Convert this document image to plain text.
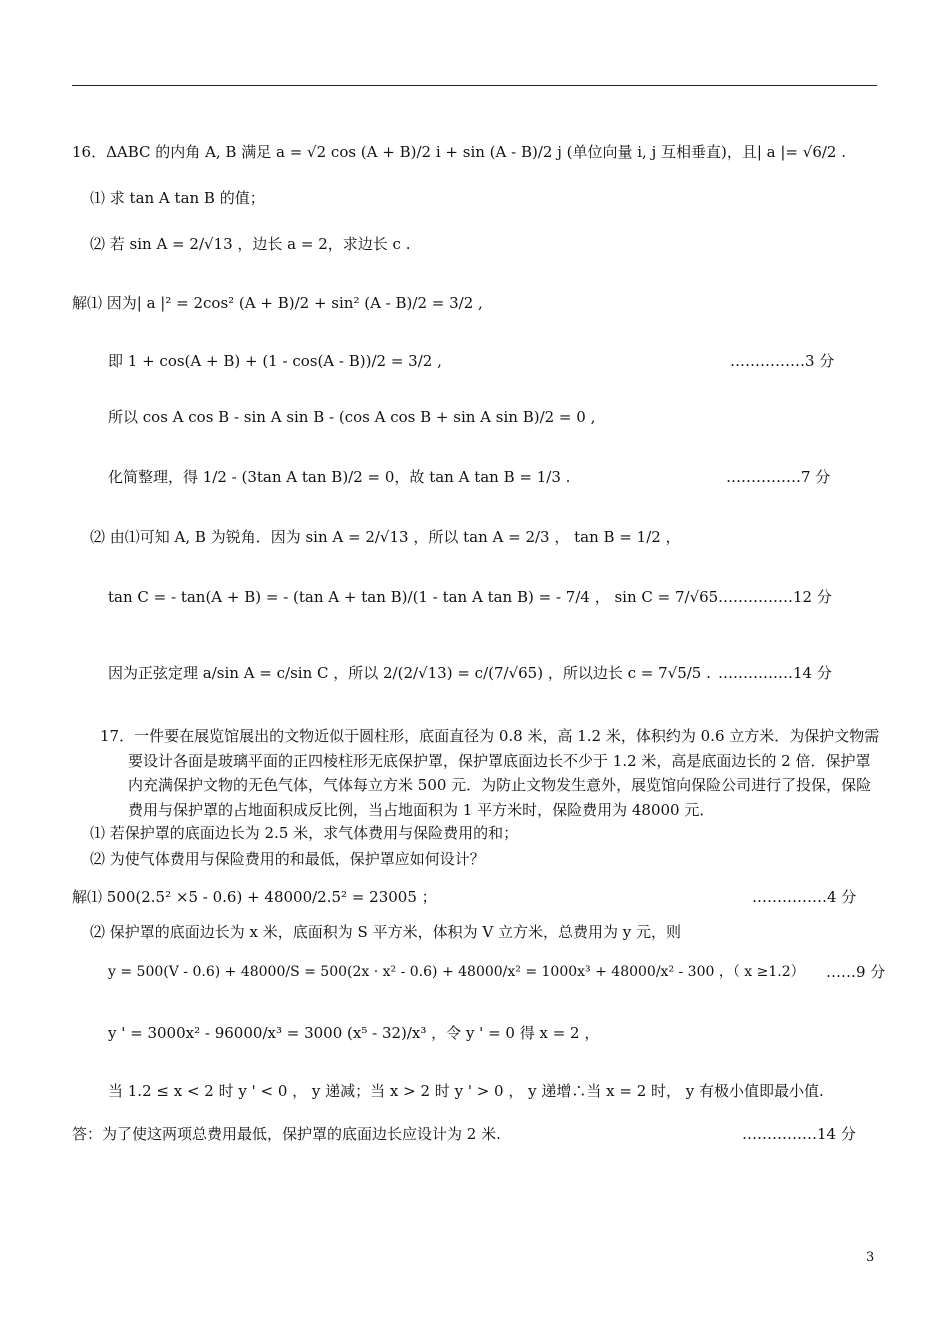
16．ΔABC 的内角 A, B 满足 a = √2 cos (A + B)/2 i + sin (A - B)/2 j (单位向量 i, j 互相垂直)，且| a |= √6/2 .
⑴ 求 tan A tan B 的值；
⑵ 若 sin A = 2/√13 ，边长 a = 2，求边长 c .
解⑴ 因为| a |² = 2cos² (A + B)/2 + sin² (A - B)/2 = 3/2 ,
即 1 + cos(A + B) + (1 - cos(A - B))/2 = 3/2 ,	……………3 分
所以 cos A cos B - sin A sin B - (cos A cos B + sin A sin B)/2 = 0 ,
化简整理，得 1/2 - (3tan A tan B)/2 = 0，故 tan A tan B = 1/3 .	……………7 分
⑵ 由⑴可知 A, B 为锐角．因为 sin A = 2/√13 ，所以 tan A = 2/3 ， tan B = 1/2 ，
tan C = - tan(A + B) = - (tan A + tan B)/(1 - tan A tan B) = - 7/4 ， sin C = 7/√65 ……………12 分
因为正弦定理 a/sin A = c/sin C ，所以 2/(2/√13) = c/(7/√65) ，所以边长 c = 7√5/5 . ……………14 分
17．一件要在展览馆展出的文物近似于圆柱形，底面直径为 0.8 米，高 1.2 米，体积约为 0.6 立方米．为保护文物需要设计各面是玻璃平面的正四棱柱形无底保护罩，保护罩底面边长不少于 1.2 米，高是底面边长的 2 倍．保护罩内充满保护文物的无色气体，气体每立方米 500 元．为防止文物发生意外，展览馆向保险公司进行了投保，保险费用与保护罩的占地面积成反比例，当占地面积为 1 平方米时，保险费用为 48000 元．
⑴ 若保护罩的底面边长为 2.5 米，求气体费用与保险费用的和；
⑵ 为使气体费用与保险费用的和最低，保护罩应如何设计？
解⑴ 500(2.5² ×5 - 0.6) + 48000/2.5² = 23005 ；	……………4 分
⑵ 保护罩的底面边长为 x 米，底面积为 S 平方米，体积为 V 立方米，总费用为 y 元，则
y = 500(V - 0.6) + 48000/S = 500(2x · x² - 0.6) + 48000/x² = 1000x³ + 48000/x² - 300 ，（ x ≥1.2） ……9 分
y ' = 3000x² - 96000/x³ = 3000 (x⁵ - 32)/x³ ，令 y ' = 0 得 x = 2 ，
当 1.2 ≤ x < 2 时 y ' < 0 ， y 递减；当 x > 2 时 y ' > 0 ， y 递增∴当 x = 2 时， y 有极小值即最小值.
答：为了使这两项总费用最低，保护罩的底面边长应设计为 2 米.	……………14 分
3
